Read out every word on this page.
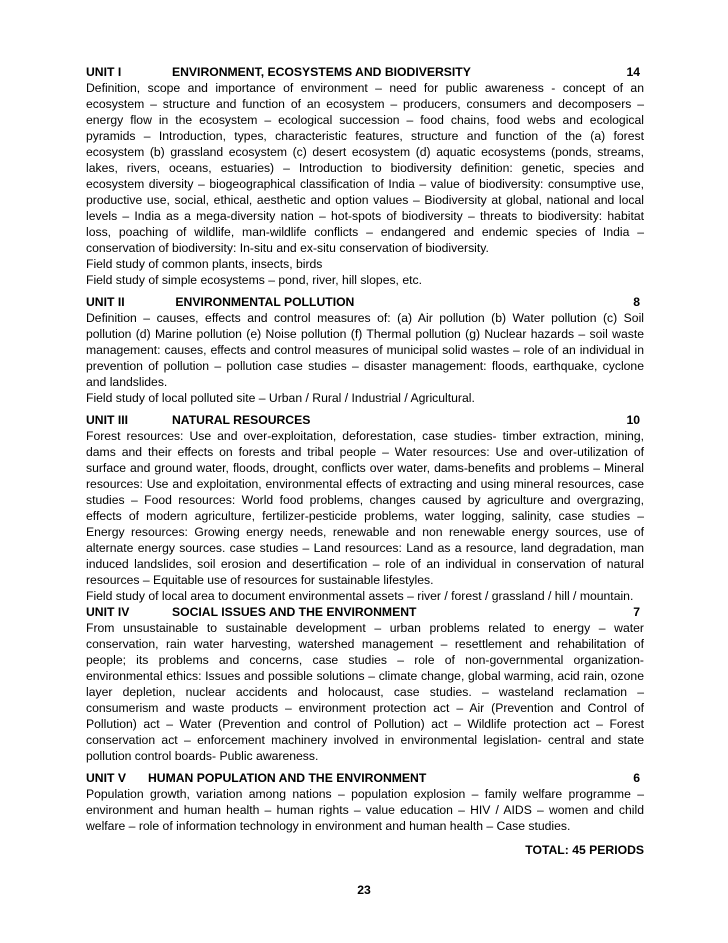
UNIT I	ENVIRONMENT, ECOSYSTEMS AND BIODIVERSITY	14

Definition, scope and importance of environment – need for public awareness - concept of an ecosystem – structure and function of an ecosystem – producers, consumers and decomposers – energy flow in the ecosystem – ecological succession – food chains, food webs and ecological pyramids – Introduction, types, characteristic features, structure and function of the (a) forest ecosystem (b) grassland ecosystem (c) desert ecosystem (d) aquatic ecosystems (ponds, streams, lakes, rivers, oceans, estuaries) – Introduction to biodiversity definition: genetic, species and ecosystem diversity – biogeographical classification of India – value of biodiversity: consumptive use, productive use, social, ethical, aesthetic and option values – Biodiversity at global, national and local levels – India as a mega-diversity nation – hot-spots of biodiversity – threats to biodiversity: habitat loss, poaching of wildlife, man-wildlife conflicts – endangered and endemic species of India – conservation of biodiversity: In-situ and ex-situ conservation of biodiversity.

Field study of common plants, insects, birds

Field study of simple ecosystems – pond, river, hill slopes, etc.

UNIT II	ENVIRONMENTAL POLLUTION	8

Definition – causes, effects and control measures of: (a) Air pollution (b) Water pollution (c) Soil pollution (d) Marine pollution (e) Noise pollution (f) Thermal pollution (g) Nuclear hazards – soil waste management: causes, effects and control measures of municipal solid wastes – role of an individual in prevention of pollution – pollution case studies – disaster management: floods, earthquake, cyclone and landslides.

Field study of local polluted site – Urban / Rural / Industrial / Agricultural.

UNIT III	NATURAL RESOURCES	10

Forest resources: Use and over-exploitation, deforestation, case studies- timber extraction, mining, dams and their effects on forests and tribal people – Water resources: Use and over-utilization of surface and ground water, floods, drought, conflicts over water, dams-benefits and problems – Mineral resources: Use and exploitation, environmental effects of extracting and using mineral resources, case studies – Food resources: World food problems, changes caused by agriculture and overgrazing, effects of modern agriculture, fertilizer-pesticide problems, water logging, salinity, case studies – Energy resources: Growing energy needs, renewable and non renewable energy sources, use of alternate energy sources. case studies – Land resources: Land as a resource, land degradation, man induced landslides, soil erosion and desertification – role of an individual in conservation of natural resources – Equitable use of resources for sustainable lifestyles.

Field study of local area to document environmental assets – river / forest / grassland / hill / mountain.

UNIT IV	SOCIAL ISSUES AND THE ENVIRONMENT	7

From unsustainable to sustainable development – urban problems related to energy – water conservation, rain water harvesting, watershed management – resettlement and rehabilitation of people; its problems and concerns, case studies – role of non-governmental organization-environmental ethics: Issues and possible solutions – climate change, global warming, acid rain, ozone layer depletion, nuclear accidents and holocaust, case studies. – wasteland reclamation – consumerism and waste products – environment protection act – Air (Prevention and Control of Pollution) act – Water (Prevention and control of Pollution) act – Wildlife protection act – Forest conservation act – enforcement machinery involved in environmental legislation- central and state pollution control boards- Public awareness.

UNIT V	HUMAN POPULATION AND THE ENVIRONMENT	6

Population growth, variation among nations – population explosion – family welfare programme – environment and human health – human rights – value education – HIV / AIDS – women and child welfare – role of information technology in environment and human health – Case studies.

TOTAL: 45 PERIODS
23
